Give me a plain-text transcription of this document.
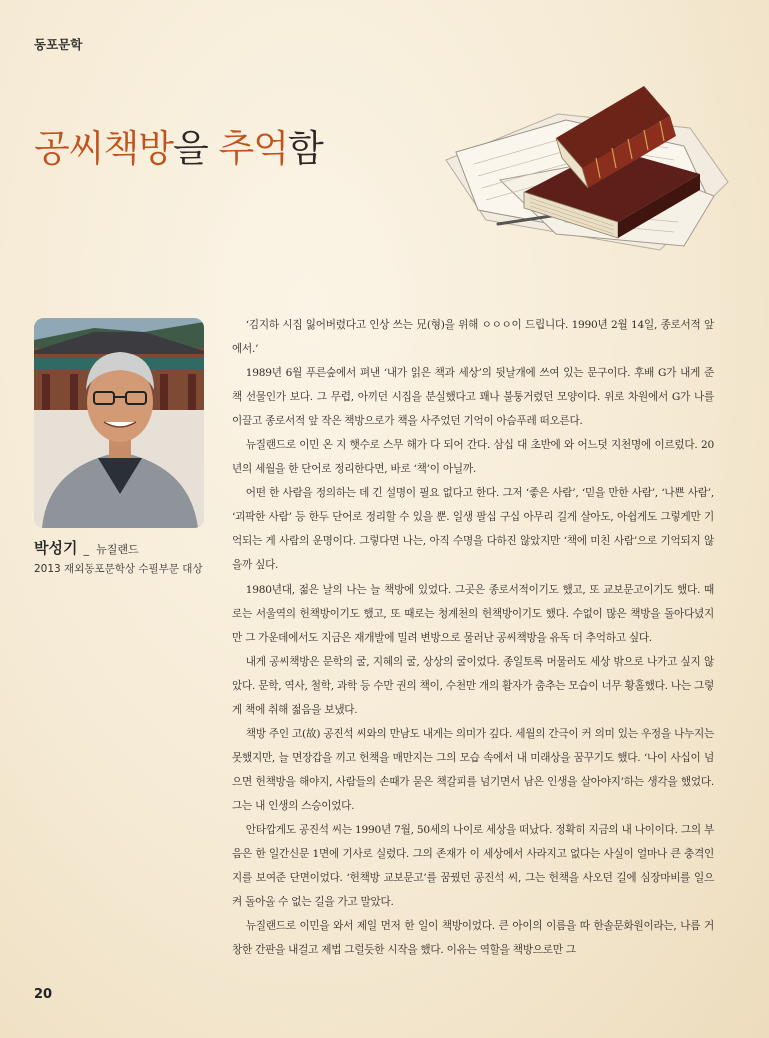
동포문학
공씨책방을 추억함
박성기 _ 뉴질랜드
2013 재외동포문학상 수필부문 대상

‘김지하 시집 잃어버렸다고 인상 쓰는 兄(형)을 위해 ㅇㅇㅇ이 드립니다. 1990년 2월 14일, 종로서적 앞에서.’

1989년 6월 푸른숲에서 펴낸 ‘내가 읽은 책과 세상’의 뒷날개에 쓰여 있는 문구이다. 후배 G가 내게 준 책 선물인가 보다. 그 무렵, 아끼던 시집을 분실했다고 꽤나 불퉁거렸던 모양이다. 위로 차원에서 G가 나를 이끌고 종로서적 앞 작은 책방으로가 책을 사주었던 기억이 아슴푸레 떠오른다.

뉴질랜드로 이민 온 지 햇수로 스무 해가 다 되어 간다. 삼십 대 초반에 와 어느덧 지천명에 이르렀다. 20년의 세월을 한 단어로 정리한다면, 바로 ‘책’이 아닐까.

어떤 한 사람을 정의하는 데 긴 설명이 필요 없다고 한다. 그저 ‘좋은 사람’, ‘믿을 만한 사람’, ‘나쁜 사람’, ‘괴팍한 사람’ 등 한두 단어로 정리할 수 있을 뿐. 일생 팔십 구십 아무리 길게 살아도, 아쉽게도 그렇게만 기억되는 게 사람의 운명이다. 그렇다면 나는, 아직 수명을 다하진 않았지만 ‘책에 미친 사람’으로 기억되지 않을까 싶다.

1980년대, 젊은 날의 나는 늘 책방에 있었다. 그곳은 종로서적이기도 했고, 또 교보문고이기도 했다. 때로는 서울역의 헌책방이기도 했고, 또 때로는 청계천의 헌책방이기도 했다. 수없이 많은 책방을 돌아다녔지만 그 가운데에서도 지금은 재개발에 밀려 변방으로 물러난 공씨책방을 유독 더 추억하고 싶다.

내게 공씨책방은 문학의 굴, 지혜의 굴, 상상의 굴이었다. 종일토록 머물러도 세상 밖으로 나가고 싶지 않았다. 문학, 역사, 철학, 과학 등 수만 권의 책이, 수천만 개의 활자가 춤추는 모습이 너무 황홀했다. 나는 그렇게 책에 취해 젊음을 보냈다.

책방 주인 고(故) 공진석 씨와의 만남도 내게는 의미가 깊다. 세월의 간극이 커 의미 있는 우정을 나누지는 못했지만, 늘 면장갑을 끼고 헌책을 매만지는 그의 모습 속에서 내 미래상을 꿈꾸기도 했다. ‘나이 사십이 넘으면 헌책방을 해야지, 사람들의 손때가 묻은 책갈피를 넘기면서 남은 인생을 살아야지’하는 생각을 했었다. 그는 내 인생의 스승이었다.

안타깝게도 공진석 씨는 1990년 7월, 50세의 나이로 세상을 떠났다. 정확히 지금의 내 나이이다. 그의 부음은 한 일간신문 1면에 기사로 실렸다. 그의 존재가 이 세상에서 사라지고 없다는 사실이 얼마나 큰 충격인지를 보여준 단면이었다. ‘헌책방 교보문고’를 꿈꿨던 공진석 씨, 그는 헌책을 사오던 길에 심장마비를 일으켜 돌아올 수 없는 길을 가고 말았다.

뉴질랜드로 이민을 와서 제일 먼저 한 일이 책방이었다. 큰 아이의 이름을 따 한솔문화원이라는, 나름 거창한 간판을 내걸고 제법 그럴듯한 시작을 했다. 이유는 역할을 책방으로만 그

20
